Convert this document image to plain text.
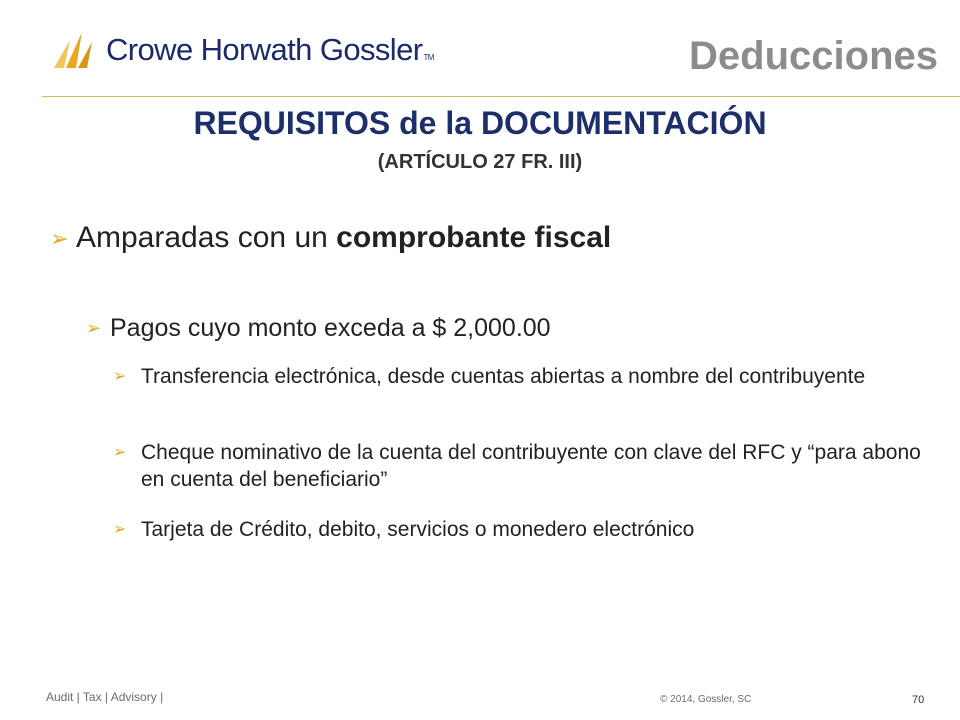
Crowe Horwath GosslerTM	Deducciones
REQUISITOS de la DOCUMENTACIÓN
(ARTÍCULO 27 FR. III)
➢ Amparadas con un comprobante fiscal
➢ Pagos cuyo monto exceda a $ 2,000.00
➢ Transferencia electrónica, desde cuentas abiertas a nombre del contribuyente
➢ Cheque nominativo de la cuenta del contribuyente con clave del RFC y “para abono en cuenta del beneficiario”
➢ Tarjeta de Crédito, debito, servicios o monedero electrónico
Audit | Tax | Advisory |	© 2014, Gossler, SC	70
